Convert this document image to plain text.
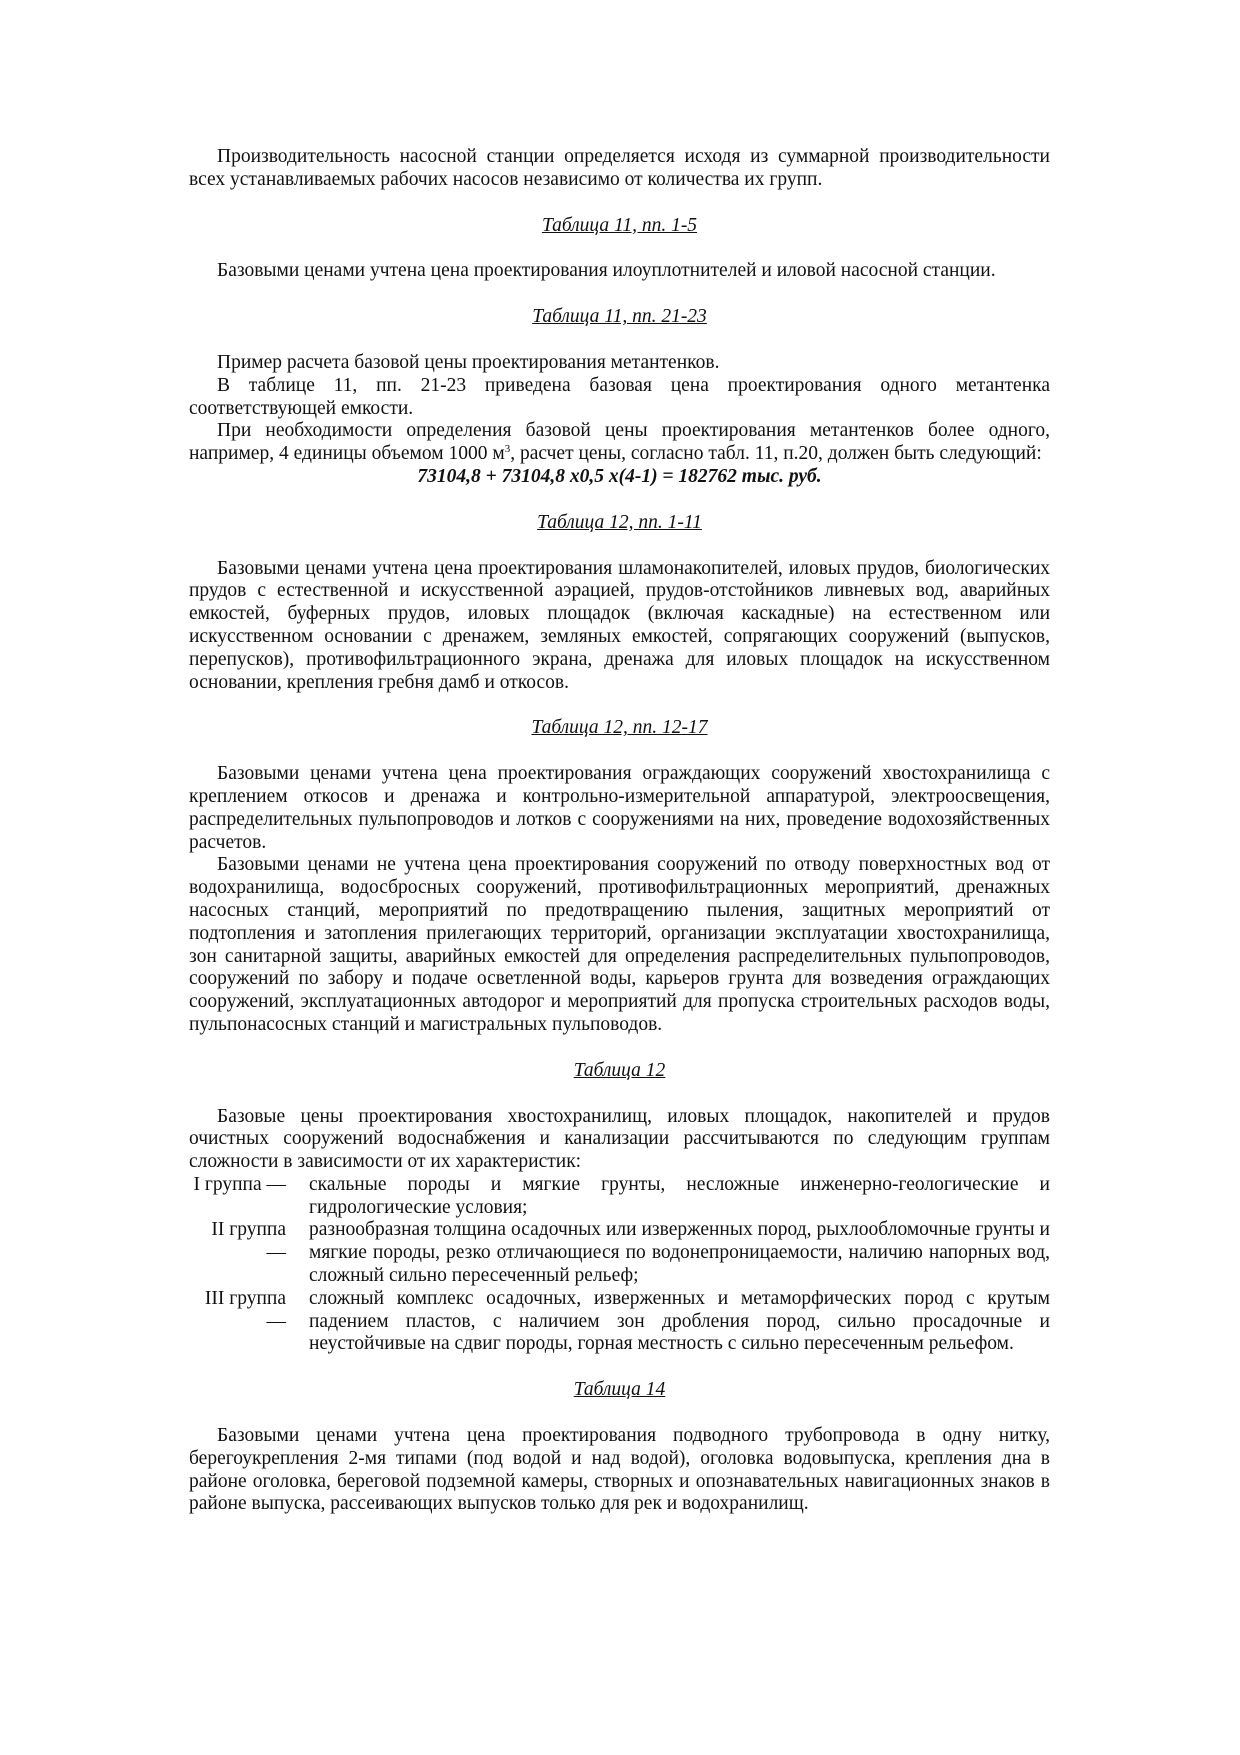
Производительность насосной станции определяется исходя из суммарной производительности всех устанавливаемых рабочих насосов независимо от количества их групп.

Таблица 11, пп. 1-5

Базовыми ценами учтена цена проектирования илоуплотнителей и иловой насосной станции.

Таблица 11, пп. 21-23

Пример расчета базовой цены проектирования метантенков.

В таблице 11, пп. 21-23 приведена базовая цена проектирования одного метантенка соответствующей емкости.

При необходимости определения базовой цены проектирования метантенков более одного, например, 4 единицы объемом 1000 $м^3$, расчет цены, согласно табл. 11, п.20, должен быть следующий:

73104,8 + 73104,8 х0,5 х(4-1) = 182762 тыс. руб.

Таблица 12, пп. 1-11

Базовыми ценами учтена цена проектирования шламонакопителей, иловых прудов, биологических прудов с естественной и искусственной аэрацией, прудов-отстойников ливневых вод, аварийных емкостей, буферных прудов, иловых площадок (включая каскадные) на естественном или искусственном основании с дренажем, земляных емкостей, сопрягающих сооружений (выпусков, перепусков), противофильтрационного экрана, дренажа для иловых площадок на искусственном основании, крепления гребня дамб и откосов.

Таблица 12, пп. 12-17

Базовыми ценами учтена цена проектирования ограждающих сооружений хвостохранилища с креплением откосов и дренажа и контрольно-измерительной аппаратурой, электроосвещения, распределительных пульпопроводов и лотков с сооружениями на них, проведение водохозяйственных расчетов.

Базовыми ценами не учтена цена проектирования сооружений по отводу поверхностных вод от водохранилища, водосбросных сооружений, противофильтрационных мероприятий, дренажных насосных станций, мероприятий по предотвращению пыления, защитных мероприятий от подтопления и затопления прилегающих территорий, организации эксплуатации хвостохранилища, зон санитарной защиты, аварийных емкостей для определения распределительных пульпопроводов, сооружений по забору и подаче осветленной воды, карьеров грунта для возведения ограждающих сооружений, эксплуатационных автодорог и мероприятий для пропуска строительных расходов воды, пульпонасосных станций и магистральных пульповодов.

Таблица 12

Базовые цены проектирования хвостохранилищ, иловых площадок, накопителей и прудов очистных сооружений водоснабжения и канализации рассчитываются по следующим группам сложности в зависимости от их характеристик:

I группа —	скальные породы и мягкие грунты, несложные инженерно-геологические и гидрологические условия;
II группа —
разнообразная толщина осадочных или изверженных пород, рыхлообломочные грунты и мягкие породы, резко отличающиеся по водонепроницаемости, наличию напорных вод, сложный сильно пересеченный рельеф;
III группа —
сложный комплекс осадочных, изверженных и метаморфических пород с крутым падением пластов, с наличием зон дробления пород, сильно просадочные и неустойчивые на сдвиг породы, горная местность с сильно пересеченным рельефом.

Таблица 14

Базовыми ценами учтена цена проектирования подводного трубопровода в одну нитку, берегоукрепления 2-мя типами (под водой и над водой), оголовка водовыпуска, крепления дна в районе оголовка, береговой подземной камеры, створных и опознавательных навигационных знаков в районе выпуска, рассеивающих выпусков только для рек и водохранилищ.
